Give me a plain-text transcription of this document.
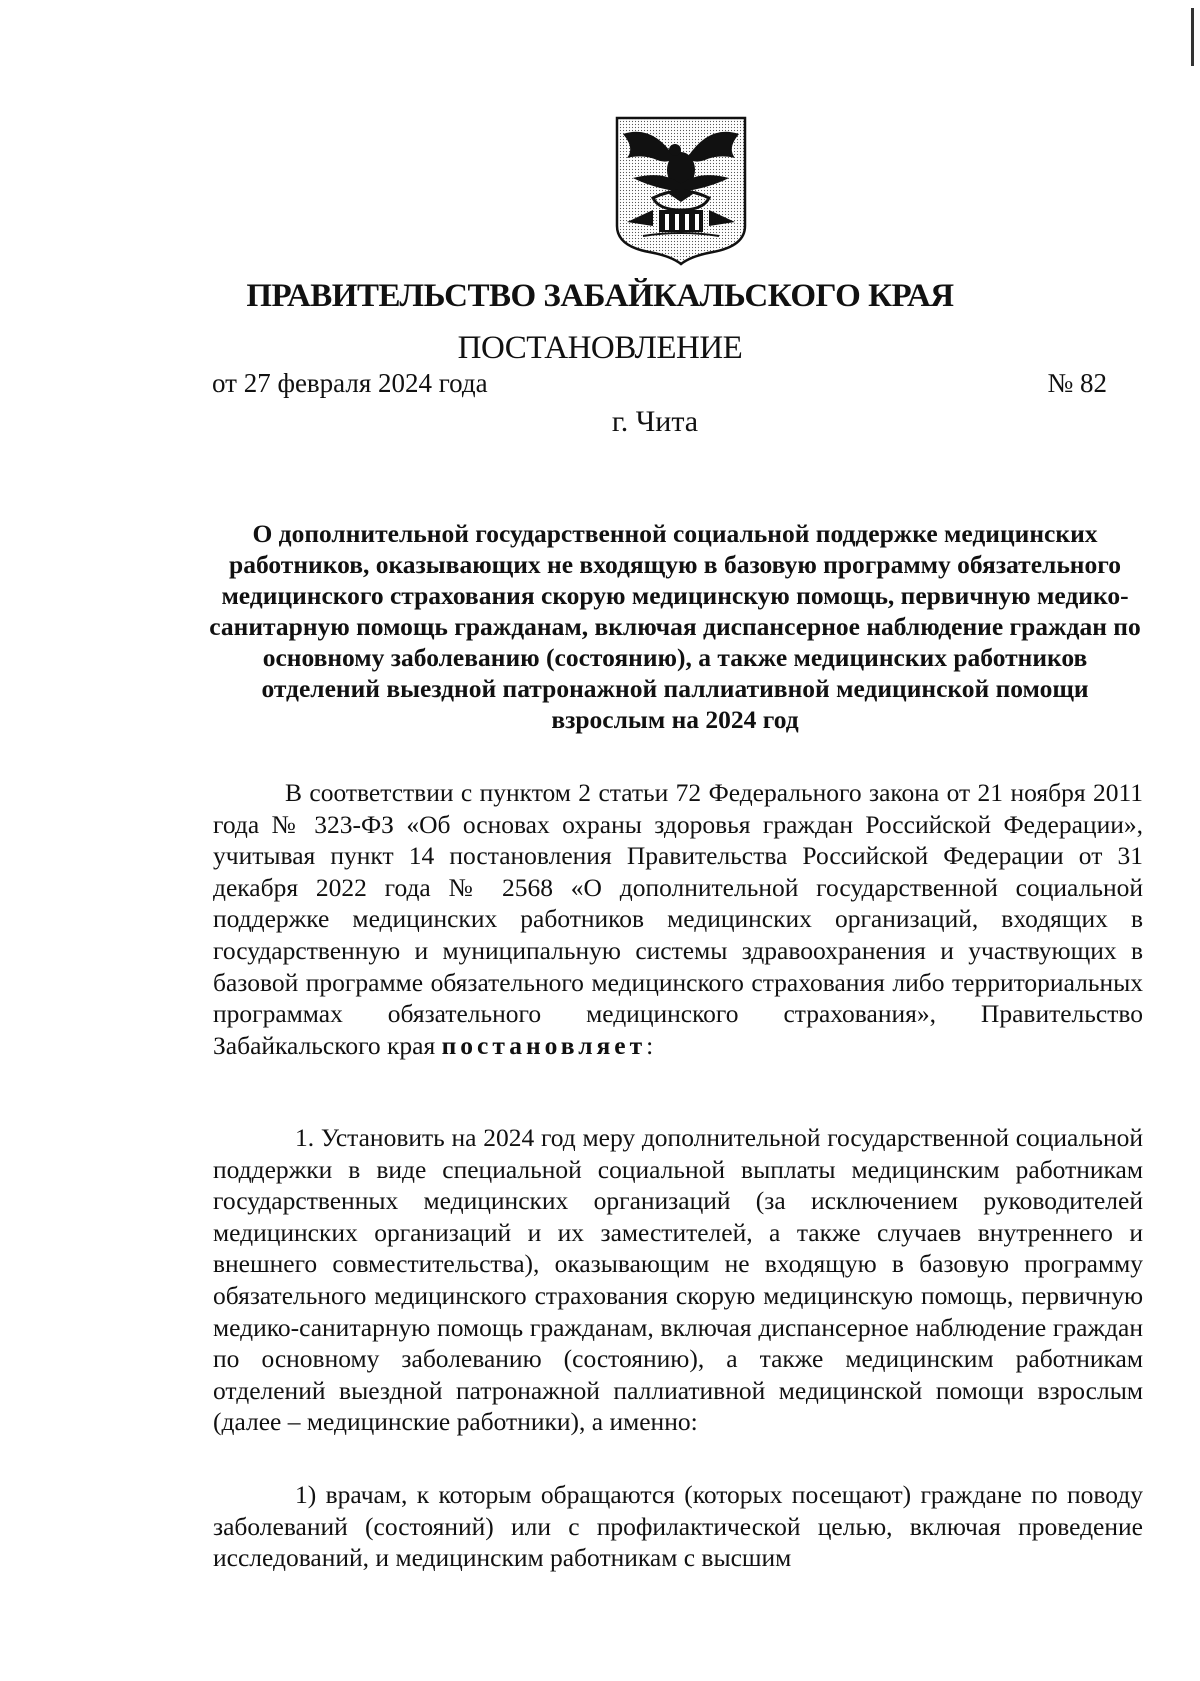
ПРАВИТЕЛЬСТВО ЗАБАЙКАЛЬСКОГО КРАЯ
ПОСТАНОВЛЕНИЕ
от 27 февраля 2024 года	№ 82
г. Чита
О дополнительной государственной социальной поддержке медицинских работников, оказывающих не входящую в базовую программу обязательного медицинского страхования скорую медицинскую помощь, первичную медико-санитарную помощь гражданам, включая диспансерное наблюдение граждан по основному заболеванию (состоянию), а также медицинских работников отделений выездной патронажной паллиативной медицинской помощи взрослым на 2024 год
В соответствии с пунктом 2 статьи 72 Федерального закона от 21 ноября 2011 года № 323-ФЗ «Об основах охраны здоровья граждан Российской Федерации», учитывая пункт 14 постановления Правительства Российской Федерации от 31 декабря 2022 года № 2568 «О дополнительной государственной социальной поддержке медицинских работников медицинских организаций, входящих в государственную и муниципальную системы здравоохранения и участвующих в базовой программе обязательного медицинского страхования либо территориальных программах обязательного медицинского страхования», Правительство Забайкальского края постановляет:
1. Установить на 2024 год меру дополнительной государственной социальной поддержки в виде специальной социальной выплаты медицинским работникам государственных медицинских организаций (за исключением руководителей медицинских организаций и их заместителей, а также случаев внутреннего и внешнего совместительства), оказывающим не входящую в базовую программу обязательного медицинского страхования скорую медицинскую помощь, первичную медико-санитарную помощь гражданам, включая диспансерное наблюдение граждан по основному заболеванию (состоянию), а также медицинским работникам отделений выездной патронажной паллиативной медицинской помощи взрослым (далее – медицинские работники), а именно:
1) врачам, к которым обращаются (которых посещают) граждане по поводу заболеваний (состояний) или с профилактической целью, включая проведение исследований, и медицинским работникам с высшим
